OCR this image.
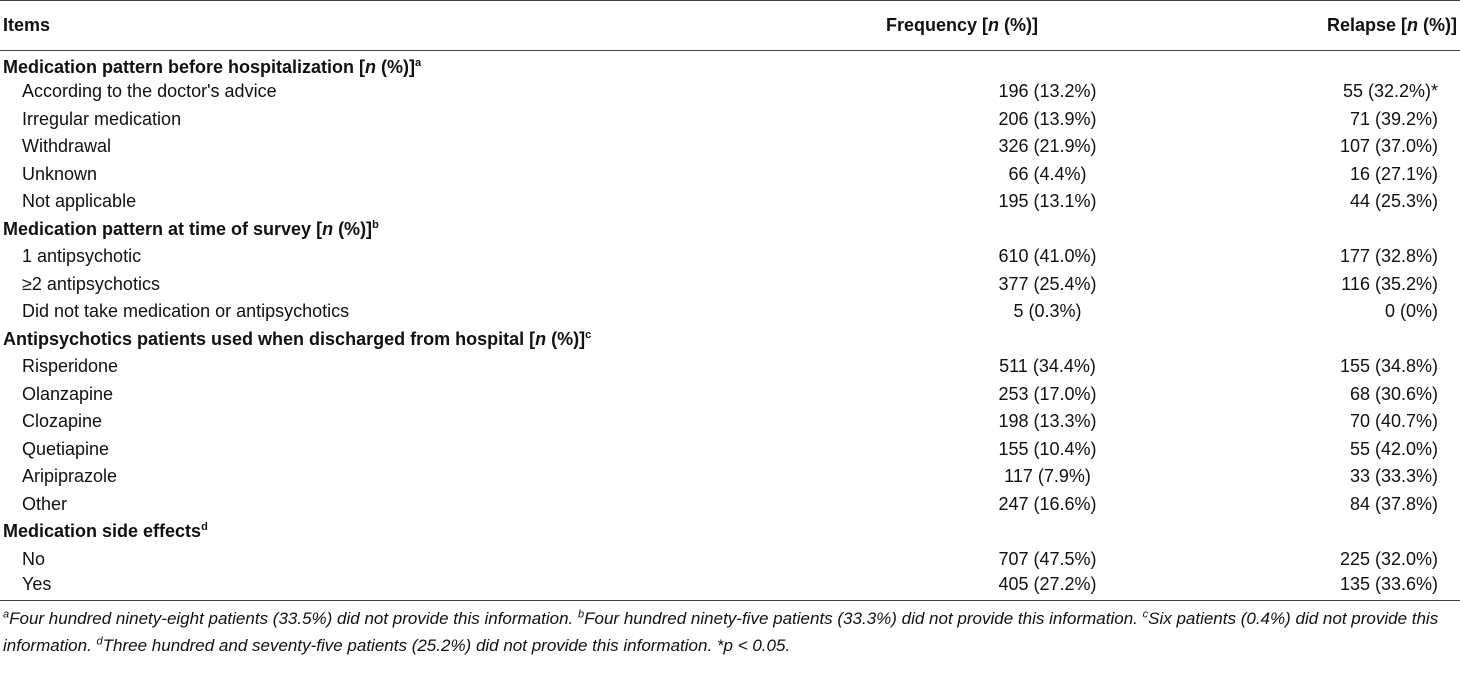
Items	Frequency [n (%)]	Relapse [n (%)]
Medication pattern before hospitalization [n (%)]$^a$
According to the doctor's advice	196 (13.2%)	55 (32.2%)*
Irregular medication	206 (13.9%)	71 (39.2%)
Withdrawal	326 (21.9%)	107 (37.0%)
Unknown	66 (4.4%)	16 (27.1%)
Not applicable	195 (13.1%)	44 (25.3%)
Medication pattern at time of survey [n (%)]$^b$
1 antipsychotic	610 (41.0%)	177 (32.8%)
≥2 antipsychotics	377 (25.4%)	116 (35.2%)
Did not take medication or antipsychotics	5 (0.3%)	0 (0%)
Antipsychotics patients used when discharged from hospital [n (%)]$^c$
Risperidone	511 (34.4%)	155 (34.8%)
Olanzapine	253 (17.0%)	68 (30.6%)
Clozapine	198 (13.3%)	70 (40.7%)
Quetiapine	155 (10.4%)	55 (42.0%)
Aripiprazole	117 (7.9%)	33 (33.3%)
Other	247 (16.6%)	84 (37.8%)
Medication side effects$^d$
No	707 (47.5%)	225 (32.0%)
Yes	405 (27.2%)	135 (33.6%)
$^a$Four hundred ninety-eight patients (33.5%) did not provide this information. $^b$Four hundred ninety-five patients (33.3%) did not provide this information. $^c$Six patients (0.4%) did not provide this information. $^d$Three hundred and seventy-five patients (25.2%) did not provide this information. *p < 0.05.
